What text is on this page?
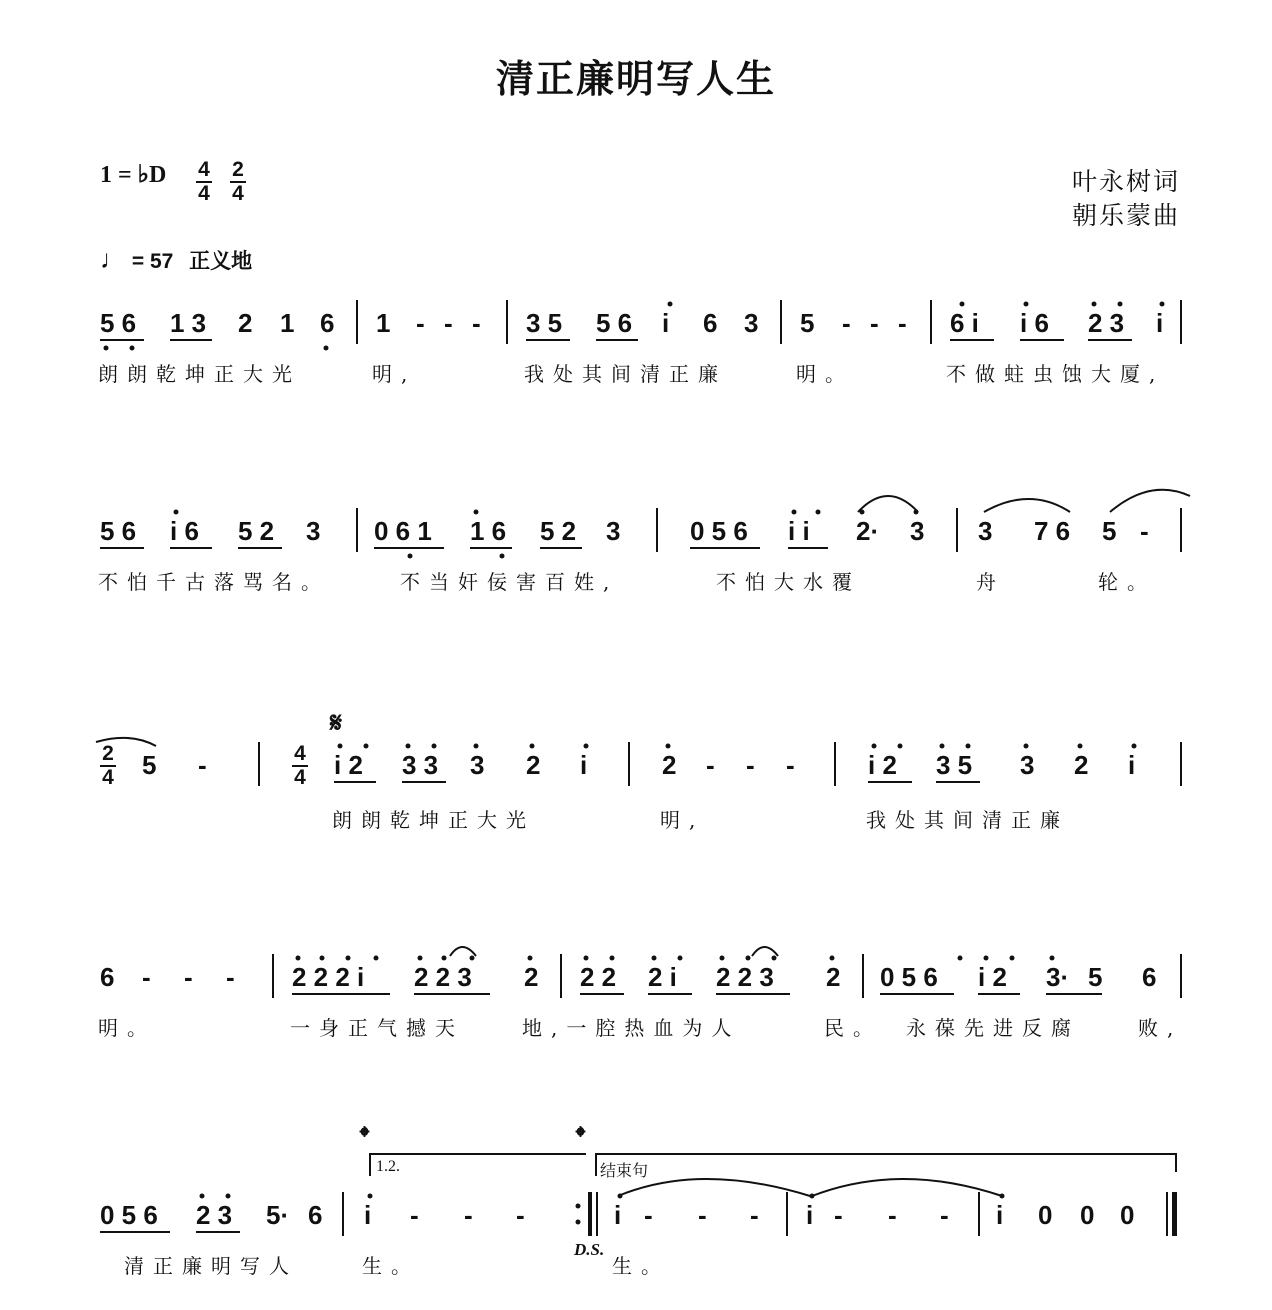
清正廉明写人生
叶永树词
朝乐蒙曲
1 = ♭D 4
4
2
4
♩ = 57 正义地
5 6 1 3 2 1 6 1 - - - 3 5 5 6 i 6 3 5 - - - 6 i i 6 2 3 i
朗朗乾坤正大光	明,	我处其间清正廉	明。	不做蛀虫蚀大厦,
5 6 i 6 5 2 3 0 6 1 1 6 5 2 3	0 5 6 i i 2· 3 3 7 6 5 -
不怕千古落骂名。	不当奸佞害百姓,	不怕大水覆	舟	轮。
2
4
4
4
𝄋
5 -	i 2 3 3 3 2 i	2 - - -	i 2 3 5 3 2 i
朗朗乾坤正大光	明,	我处其间清正廉
6 - - - 2 2 2 i 2 2 3 2 2 2 2 i 2 2 3 2 0 5 6 i 2 3· 5 6
明。	一身正气撼天	地,一腔热血为人	民。 永葆先进反腐	败,
𝄌	𝄌
1.2.	结束句
D.S.
0 5 6 2 3 5· 6 i - - -	i - - - i - - - i 0 0 0
清正廉明写人	生。	生。
